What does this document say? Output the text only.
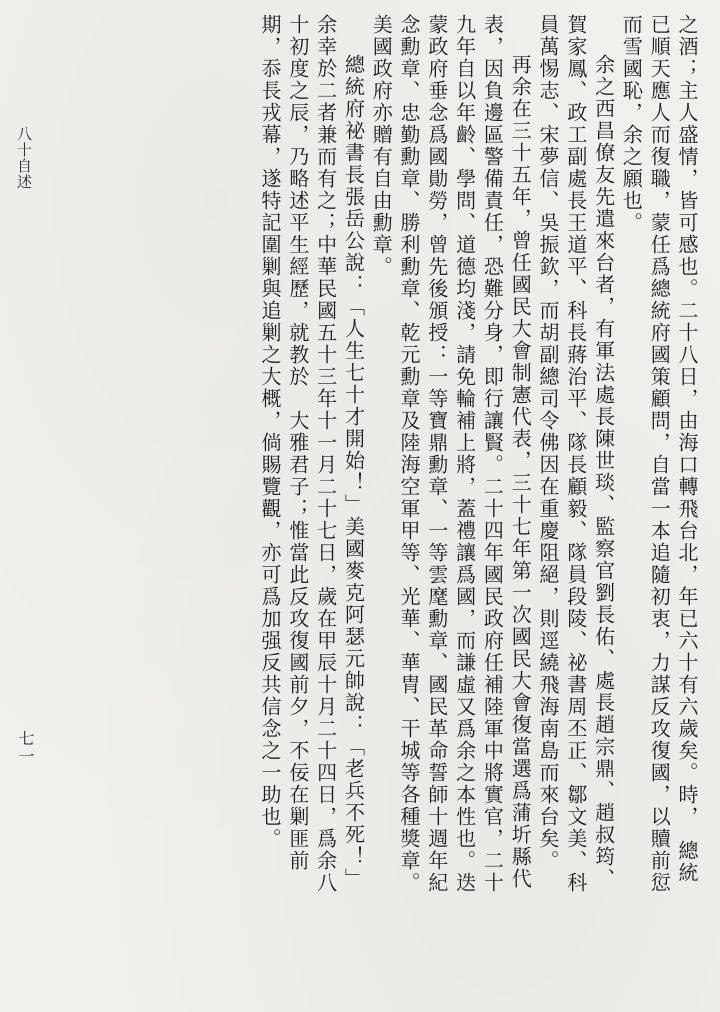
之酒；主人盛情，皆可感也。二十八日，由海口轉飛台北，年已六十有六歲矣。時，　總統已順天應人而復職，蒙任爲總統府國策顧問，自當一本追隨初衷，力謀反攻復國，以贖前愆而雪國恥，余之願也。

余之西昌僚友先遣來台者，有軍法處長陳世琰、監察官劉長佑、處長趙宗鼎、趙叔筠、賀家鳳、政工副處長王道平、科長蔣治平、隊長顧毅、隊員段陵、祕書周丕正、鄒文美、科員萬惕志、宋夢信、吳振欽，而胡副總司令佛因在重慶阻絕，則逕繞飛海南島而來台矣。

再余在三十五年，曾任國民大會制憲代表，三十七年第一次國民大會復當選爲蒲圻縣代表，因負邊區警備責任，恐難分身，即行讓賢。二十四年國民政府任補陸軍中將實官，二十九年自以年齡、學問、道德均淺，請免輪補上將，蓋禮讓爲國，而謙虛又爲余之本性也。迭蒙政府垂念爲國勛勞，曾先後頒授：一等寶鼎勳章、一等雲麾勳章、國民革命誓師十週年紀念勳章、忠勤勳章、勝利勳章、乾元勳章及陸海空軍甲等、光華、華胄、干城等各種獎章。美國政府亦贈有自由勳章。

總統府祕書長張岳公說：「人生七十才開始！」美國麥克阿瑟元帥說：「老兵不死！」余幸於二者兼而有之；中華民國五十三年十一月二十七日，歲在甲辰十月二十四日，爲余八十初度之辰，乃略述平生經歷，就教於　大雅君子；惟當此反攻復國前夕，不佞在剿匪前期，忝長戎幕，遂特記圍剿與追剿之大概，倘賜覽觀，亦可爲加强反共信念之一助也。

八十自述
七一
